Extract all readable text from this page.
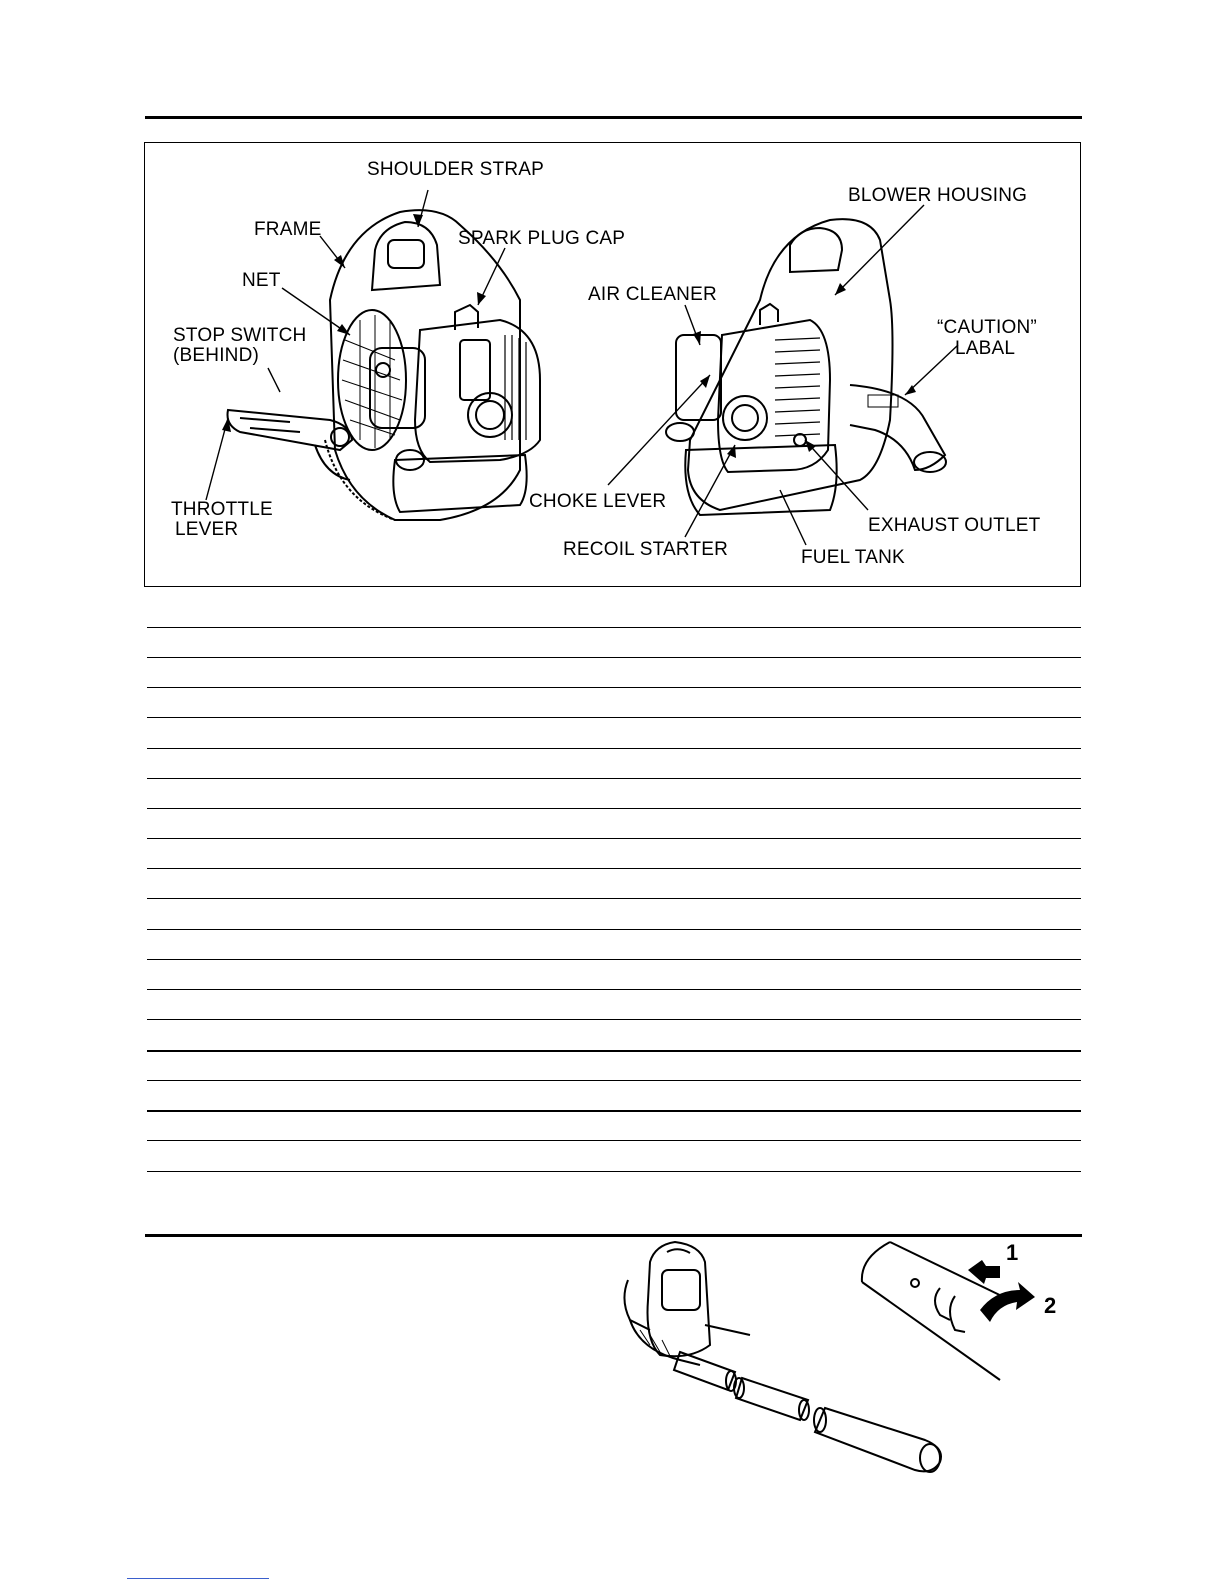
SHOULDER STRAP
FRAME	SPARK PLUG CAP
NET
STOP SWITCH
(BEHIND)
THROTTLE
LEVER
BLOWER HOUSING
AIR CLEANER
“CAUTION”
LABAL
CHOKE LEVER
EXHAUST OUTLET
RECOIL STARTER	FUEL TANK
1
2
